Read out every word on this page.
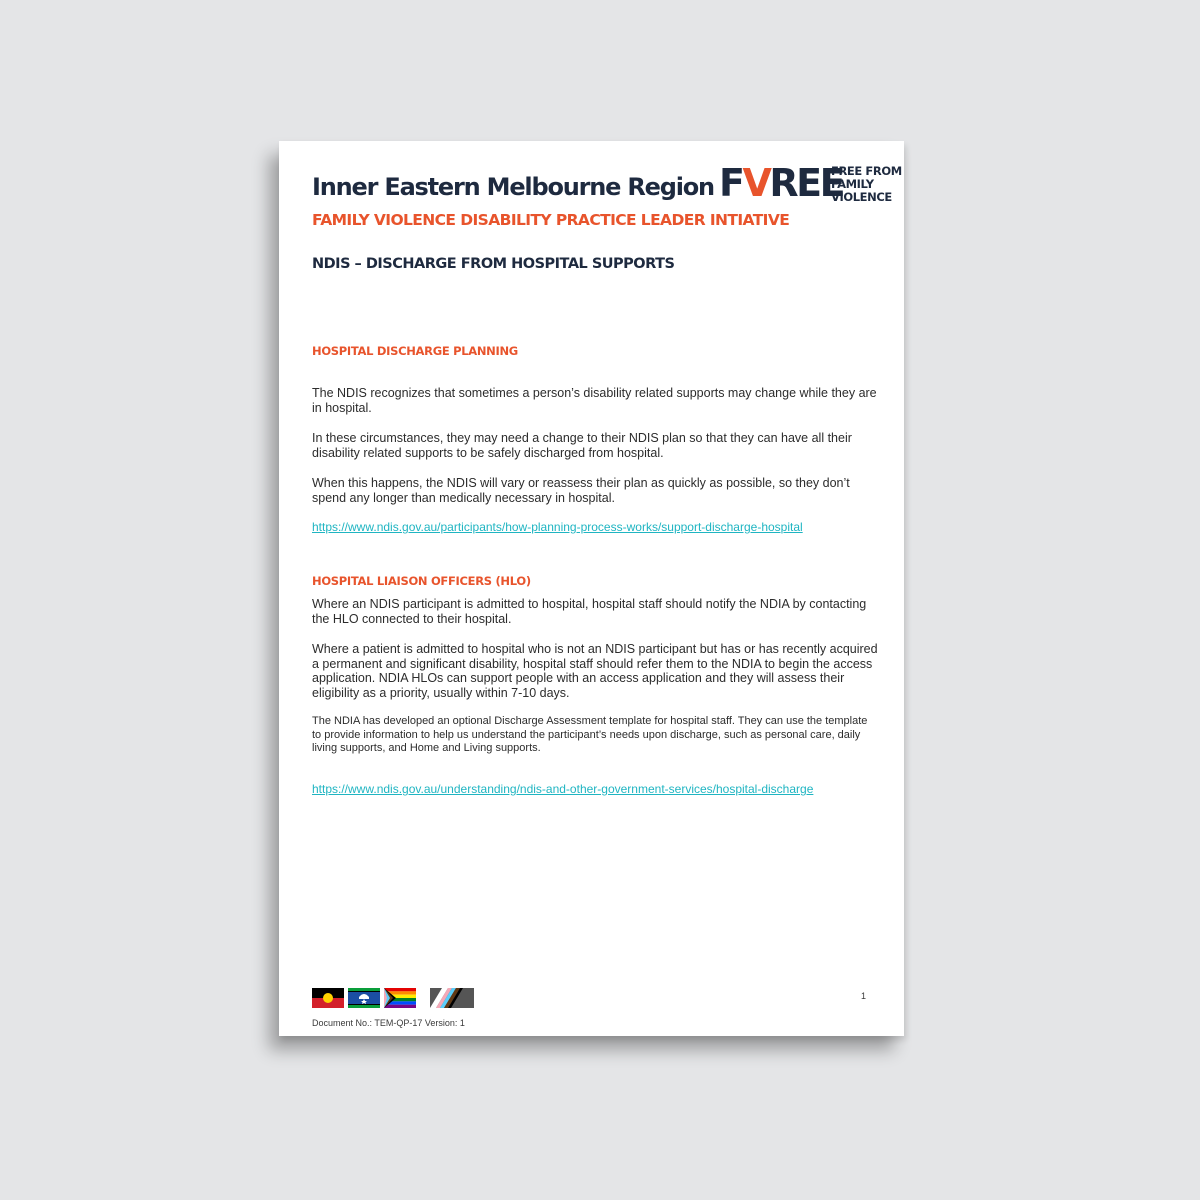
Inner Eastern Melbourne Region
FAMILY VIOLENCE DISABILITY PRACTICE LEADER INTIATIVE
NDIS – DISCHARGE FROM HOSPITAL SUPPORTS
FVREE
FREE FROM
FAMILY
VIOLENCE
HOSPITAL DISCHARGE PLANNING
The NDIS recognizes that sometimes a person’s disability related supports may change while they are in hospital.
In these circumstances, they may need a change to their NDIS plan so that they can have all their disability related supports to be safely discharged from hospital.
When this happens, the NDIS will vary or reassess their plan as quickly as possible, so they don’t spend any longer than medically necessary in hospital.
https://www.ndis.gov.au/participants/how-planning-process-works/support-discharge-hospital
HOSPITAL LIAISON OFFICERS (HLO)
Where an NDIS participant is admitted to hospital, hospital staff should notify the NDIA by contacting the HLO connected to their hospital.
Where a patient is admitted to hospital who is not an NDIS participant but has or has recently acquired a permanent and significant disability, hospital staff should refer them to the NDIA to begin the access application. NDIA HLOs can support people with an access application and they will assess their eligibility as a priority, usually within 7-10 days.
The NDIA has developed an optional Discharge Assessment template for hospital staff. They can use the template to provide information to help us understand the participant’s needs upon discharge, such as personal care, daily living supports, and Home and Living supports.
https://www.ndis.gov.au/understanding/ndis-and-other-government-services/hospital-discharge
Document No.: TEM-QP-17 Version: 1
1
